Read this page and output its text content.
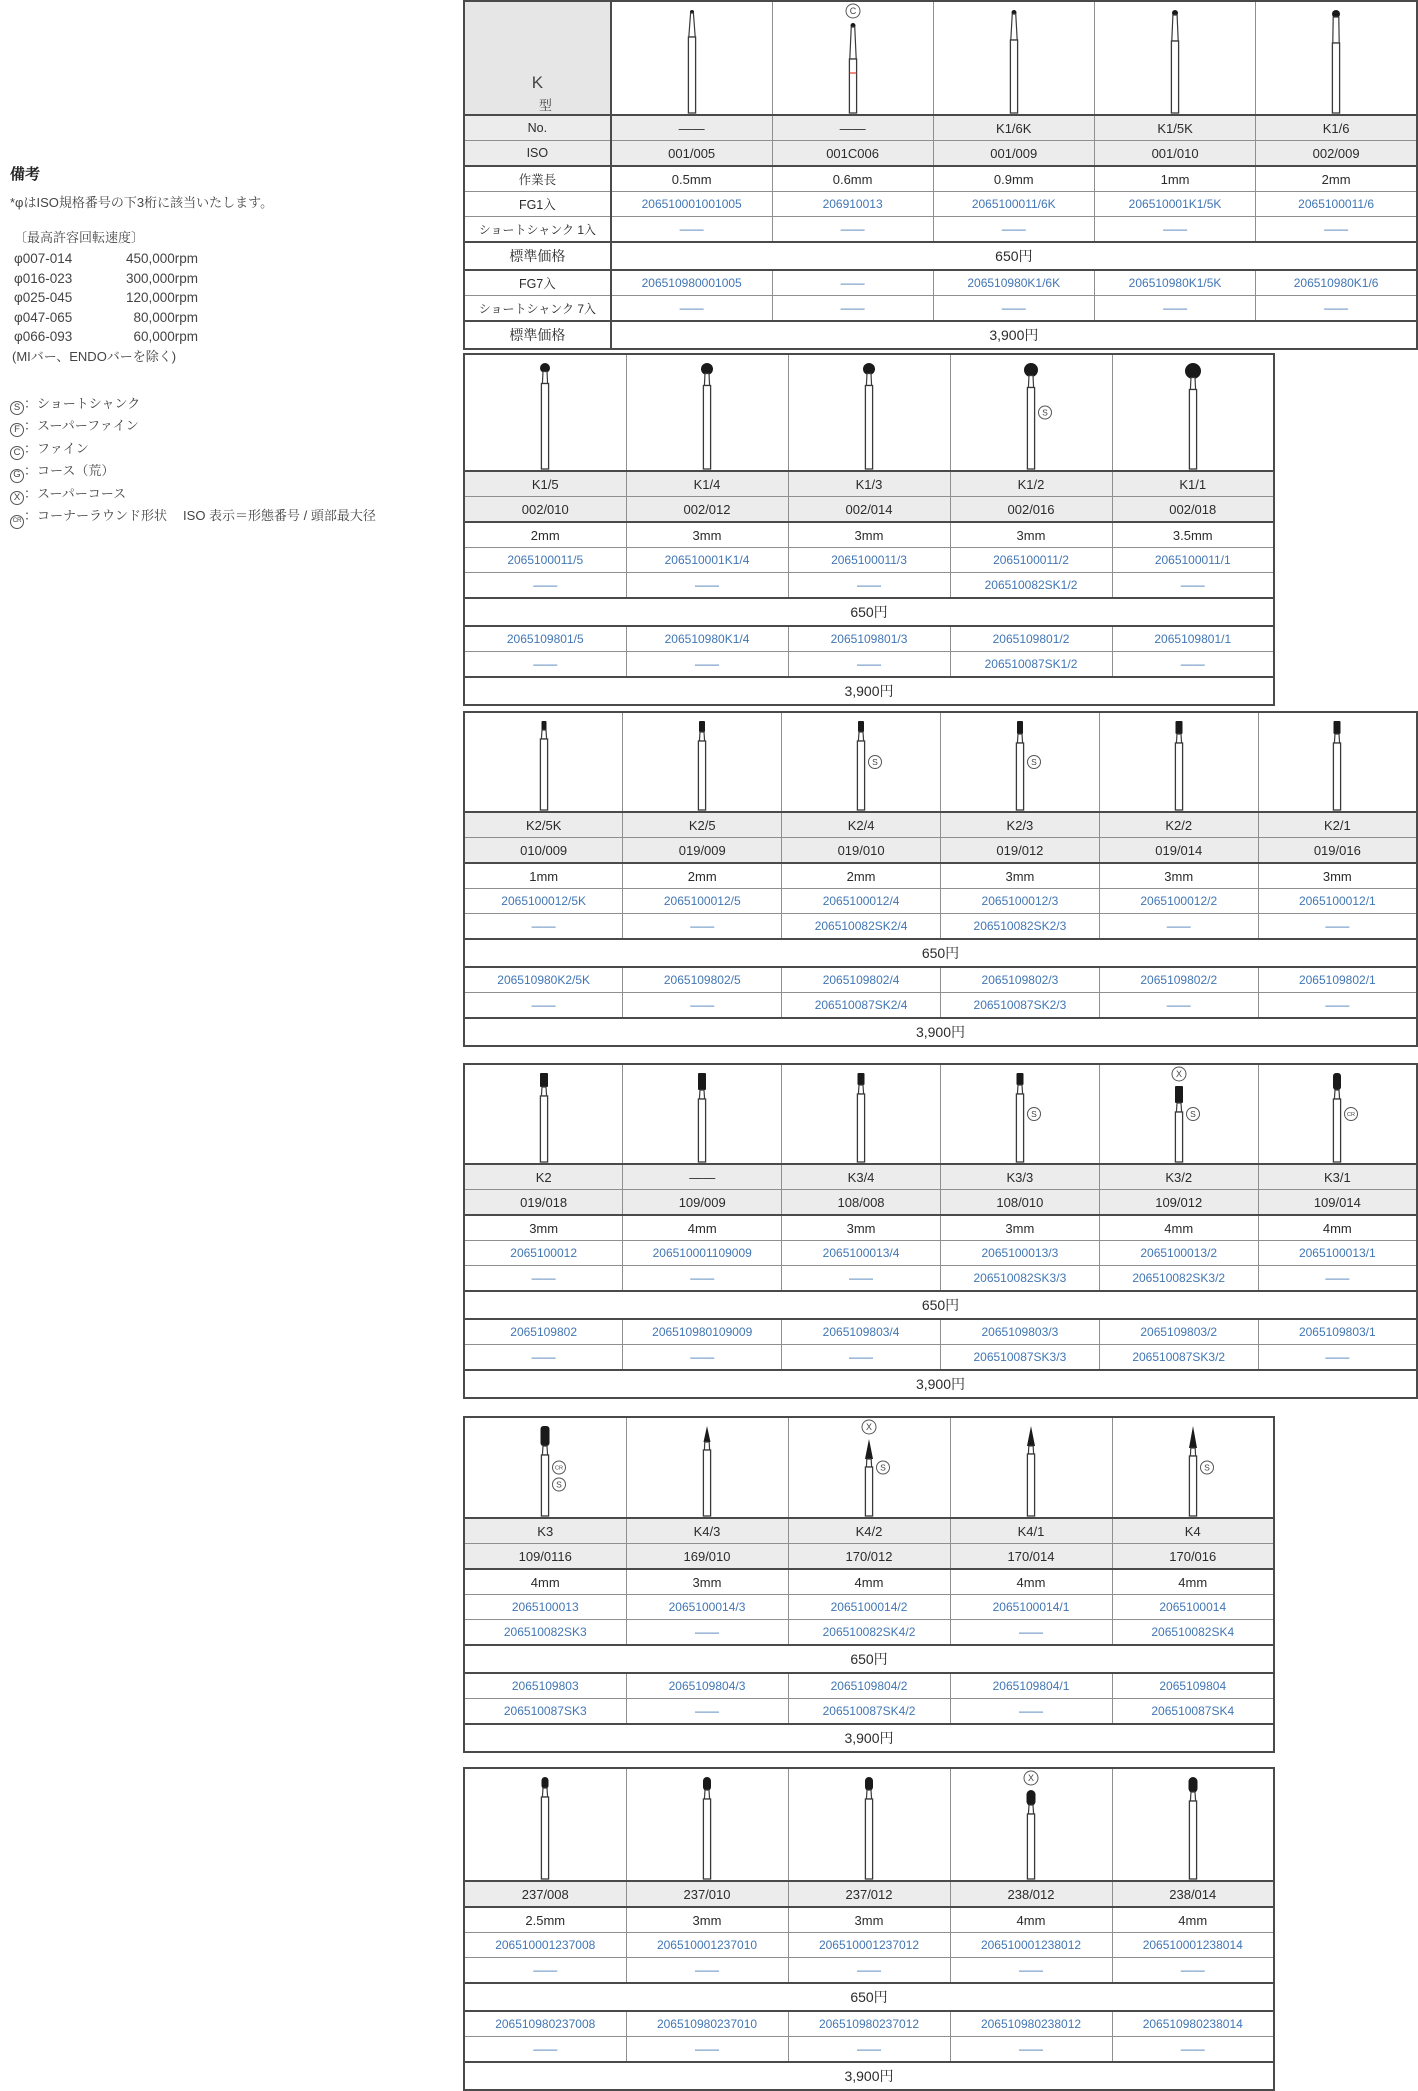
備考

*φはISO規格番号の下3桁に該当いたします。

〔最高許容回転速度〕

φ007-014	450,000rpm
φ016-023	300,000rpm
φ025-045	120,000rpm
φ047-065	80,000rpm
φ066-093	60,000rpm

(MIバー、ENDOバーを除く)

S ：ショートシャンク
F ：スーパーファイン
C ：ファイン
G ：コース（荒）
X ：スーパーコース
CR ：コーナーラウンド形状 ISO 表示＝形態番号 / 頭部最大径
K
型		C

No.	——	——	K1/6K	K1/5K	K1/6
ISO	001/005	001C006	001/009	001/010	002/009
作業長	0.5mm	0.6mm	0.9mm	1mm	2mm
FG1入	206510001001005	206910013	2065100011/6K	206510001K1/5K	2065100011/6
ショートシャンク 1入	——	——	——	——	——
標準価格	650円				
FG7入	206510980001005	——	206510980K1/6K	206510980K1/5K	206510980K1/6
ショートシャンク 7入	——	——	——	——	——
標準価格	3,900円				

S

K1/5	K1/4	K1/3	K1/2	K1/1
002/010	002/012	002/014	002/016	002/018
2mm	3mm	3mm	3mm	3.5mm
2065100011/5	206510001K1/4	2065100011/3	2065100011/2	2065100011/1
——	——	——	206510082SK1/2	——
650円				
2065109801/5	206510980K1/4	2065109801/3	2065109801/2	2065109801/1
——	——	——	206510087SK1/2	——
3,900円				

S	S

K2/5K	K2/5	K2/4	K2/3	K2/2	K2/1
010/009	019/009	019/010	019/012	019/014	019/016
1mm	2mm	2mm	3mm	3mm	3mm
2065100012/5K	2065100012/5	2065100012/4	2065100012/3	2065100012/2	2065100012/1
——	——	206510082SK2/4	206510082SK2/3	——	——
650円					
206510980K2/5K	2065109802/5	2065109802/4	2065109802/3	2065109802/2	2065109802/1
——	——	206510087SK2/4	206510087SK2/3	——	——
3,900円					

S	X
S	CR

K2	——	K3/4	K3/3	K3/2	K3/1
019/018	109/009	108/008	108/010	109/012	109/014
3mm	4mm	3mm	3mm	4mm	4mm
2065100012	206510001109009	2065100013/4	2065100013/3	2065100013/2	2065100013/1
——	——	——	206510082SK3/3	206510082SK3/2	——
650円					
2065109802	206510980109009	2065109803/4	2065109803/3	2065109803/2	2065109803/1
——	——	——	206510087SK3/3	206510087SK3/2	——
3,900円					
CR
S		X
S		S

K3	K4/3	K4/2	K4/1	K4
109/0116	169/010	170/012	170/014	170/016
4mm	3mm	4mm	4mm	4mm
2065100013	2065100014/3	2065100014/2	2065100014/1	2065100014
206510082SK3	——	206510082SK4/2	——	206510082SK4
650円				
2065109803	2065109804/3	2065109804/2	2065109804/1	2065109804
206510087SK3	——	206510087SK4/2	——	206510087SK4
3,900円				

X

237/008	237/010	237/012	238/012	238/014
2.5mm	3mm	3mm	4mm	4mm
206510001237008	206510001237010	206510001237012	206510001238012	206510001238014
——	——	——	——	——
650円				
206510980237008	206510980237010	206510980237012	206510980238012	206510980238014
——	——	——	——	——
3,900円				
